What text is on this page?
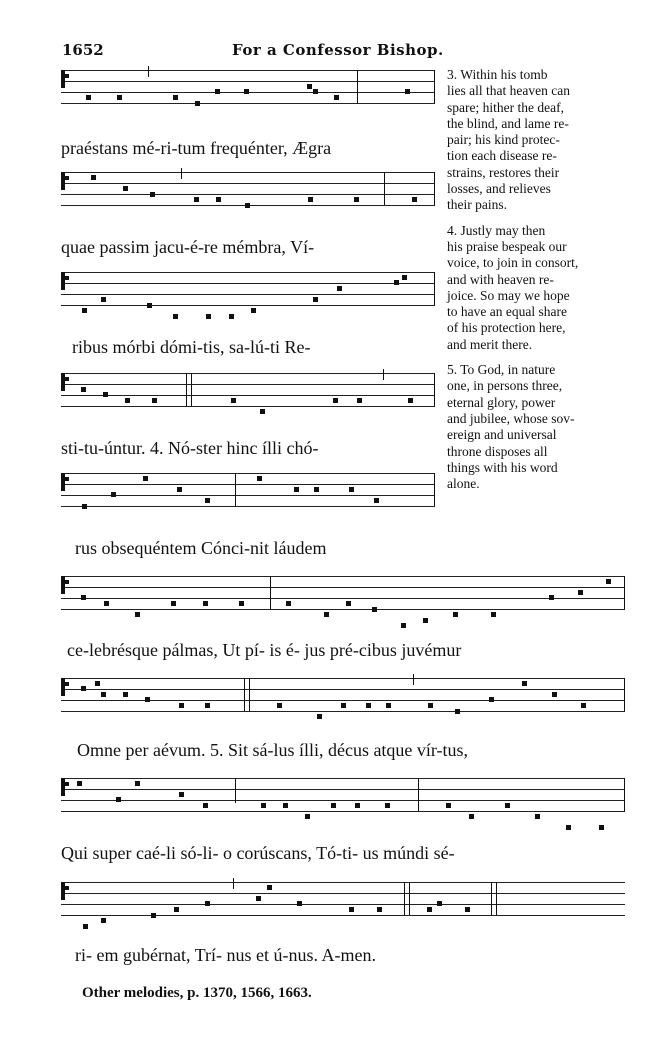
1652	For a Confessor Bishop.
praéstans mé-ri-tum frequénter, Ægra
quae passim jacu-é-re mémbra, Ví-
ribus mórbi dómi-tis, sa-lú-ti Re-
sti-tu-úntur. 4. Nó-ster hinc ílli chó-
rus obsequéntem Cónci-nit láudem
ce-lebrésque pálmas, Ut pí- is é- jus pré-cibus juvémur
Omne per aévum. 5. Sit sá-lus ílli, décus atque vír-tus,
Qui super caé-li só-li- o corúscans, Tó-ti- us múndi sé-
ri- em gubérnat, Trí- nus et ú-nus. A-men.
3. Within his tomb
lies all that heaven can
spare; hither the deaf,
the blind, and lame re-
pair; his kind protec-
tion each disease re-
strains, restores their
losses, and relieves
their pains.
4. Justly may then
his praise bespeak our
voice, to join in consort,
and with heaven re-
joice. So may we hope
to have an equal share
of his protection here,
and merit there.
5. To God, in nature
one, in persons three,
eternal glory, power
and jubilee, whose sov-
ereign and universal
throne disposes all
things with his word
alone.
Other melodies, p. 1370, 1566, 1663.
